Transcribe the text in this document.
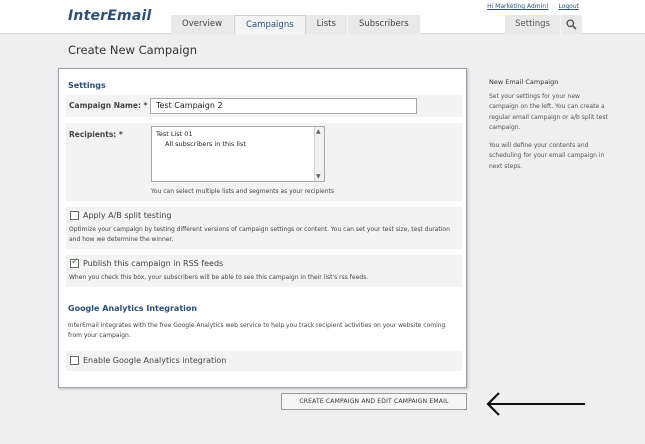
InterEmail
Hi Marketing Admin! Logout
Overview	Campaigns	Lists	Subscribers	Settings
Create New Campaign
Settings
Campaign Name: *	Test Campaign 2
Recipients: *	Test List 01
All subscribers in this list
▲
▼
You can select multiple lists and segments as your recipients
Apply A/B split testing
Optimize your campaign by testing different versions of campaign settings or content. You can set your test size, test duration and how we determine the winner.
✓
Publish this campaign in RSS feeds
When you check this box, your subscribers will be able to see this campaign in their list's rss feeds.
Google Analytics Integration
InterEmail integrates with the free Google Analytics web service to help you track recipient activities on your website coming from your campaign.
Enable Google Analytics integration
New Email Campaign

Set your settings for your new campaign on the left. You can create a regular email campaign or a/b split test campaign.

You will define your contents and scheduling for your email campaign in next steps.

CREATE CAMPAIGN AND EDIT CAMPAIGN EMAIL
